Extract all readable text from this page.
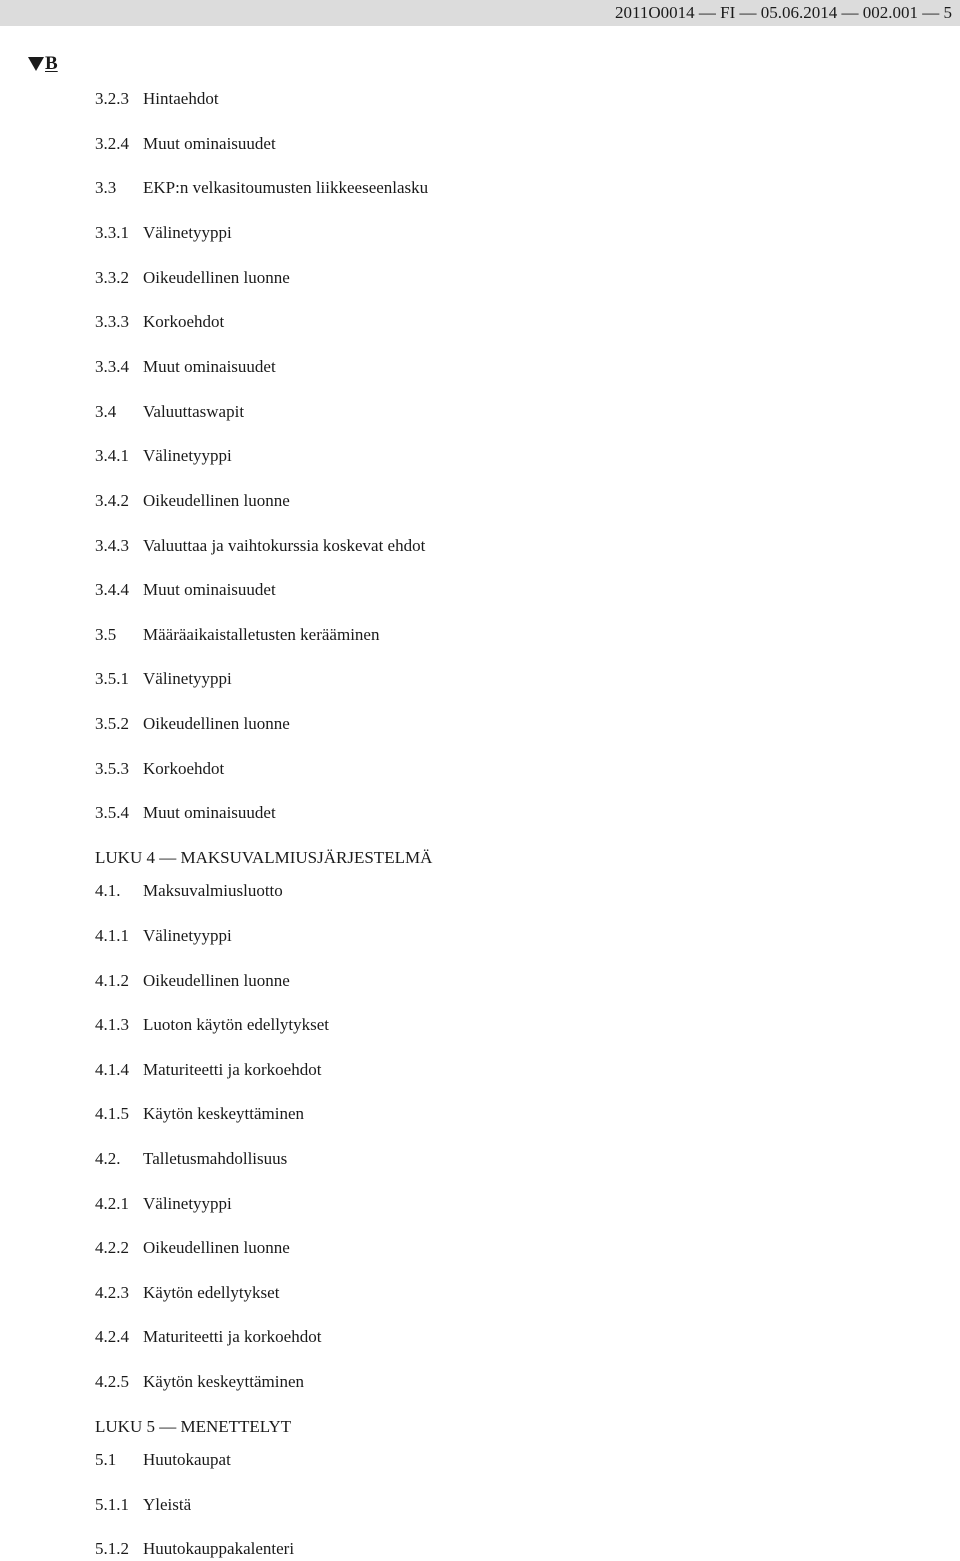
2011O0014 — FI — 05.06.2014 — 002.001 — 5
B
3.2.3 Hintaehdot
3.2.4 Muut ominaisuudet
3.3 EKP:n velkasitoumusten liikkeeseenlasku
3.3.1 Välinetyyppi
3.3.2 Oikeudellinen luonne
3.3.3 Korkoehdot
3.3.4 Muut ominaisuudet
3.4 Valuuttaswapit
3.4.1 Välinetyyppi
3.4.2 Oikeudellinen luonne
3.4.3 Valuuttaa ja vaihtokurssia koskevat ehdot
3.4.4 Muut ominaisuudet
3.5 Määräaikaistalletusten kerääminen
3.5.1 Välinetyyppi
3.5.2 Oikeudellinen luonne
3.5.3 Korkoehdot
3.5.4 Muut ominaisuudet
LUKU 4 — MAKSUVALMIUSJÄRJESTELMÄ
4.1. Maksuvalmiusluotto
4.1.1 Välinetyyppi
4.1.2 Oikeudellinen luonne
4.1.3 Luoton käytön edellytykset
4.1.4 Maturiteetti ja korkoehdot
4.1.5 Käytön keskeyttäminen
4.2. Talletusmahdollisuus
4.2.1 Välinetyyppi
4.2.2 Oikeudellinen luonne
4.2.3 Käytön edellytykset
4.2.4 Maturiteetti ja korkoehdot
4.2.5 Käytön keskeyttäminen
LUKU 5 — MENETTELYT
5.1 Huutokaupat
5.1.1 Yleistä
5.1.2 Huutokauppakalenteri
